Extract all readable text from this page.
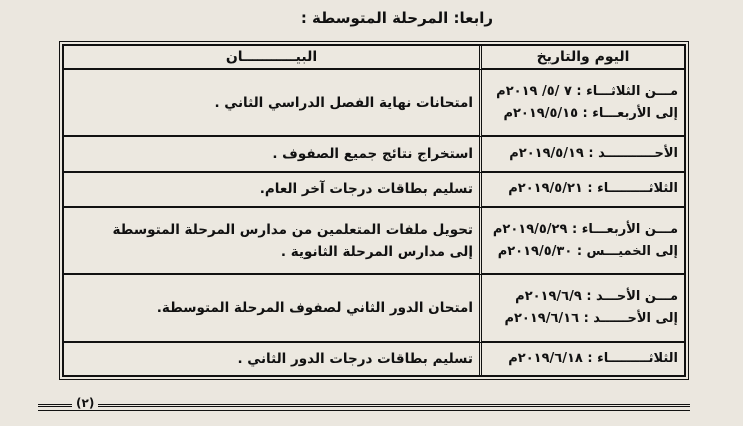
رابعا: المرحلة المتوسطة :
اليوم والتاريخ	البيـــــــــــان

مـــن الثلاثـــاء : ٧ /٥/ ٢٠١٩م
إلى الأربعـــاء : ٢٠١٩/٥/١٥م	امتحانات نهاية الفصل الدراسي الثاني .

الأحـــــــــــد : ٢٠١٩/٥/١٩م	استخراج نتائج جميع الصفوف .

الثلاثـــــــــاء : ٢٠١٩/٥/٢١م	تسليم بطاقات درجات آخر العام.

مـــن الأربعـــاء : ٢٠١٩/٥/٢٩م
إلى الخميـــس : ٢٠١٩/٥/٣٠م	تحويل ملفات المتعلمين من مدارس المرحلة المتوسطة
إلى مدارس المرحلة الثانوية .

مـــن الأحـــد : ٢٠١٩/٦/٩م
إلى الأحــــــد : ٢٠١٩/٦/١٦م	امتحان الدور الثاني لصفوف المرحلة المتوسطة.

الثلاثـــــــــاء : ٢٠١٩/٦/١٨م	تسليم بطاقات درجات الدور الثاني .
(٢)
